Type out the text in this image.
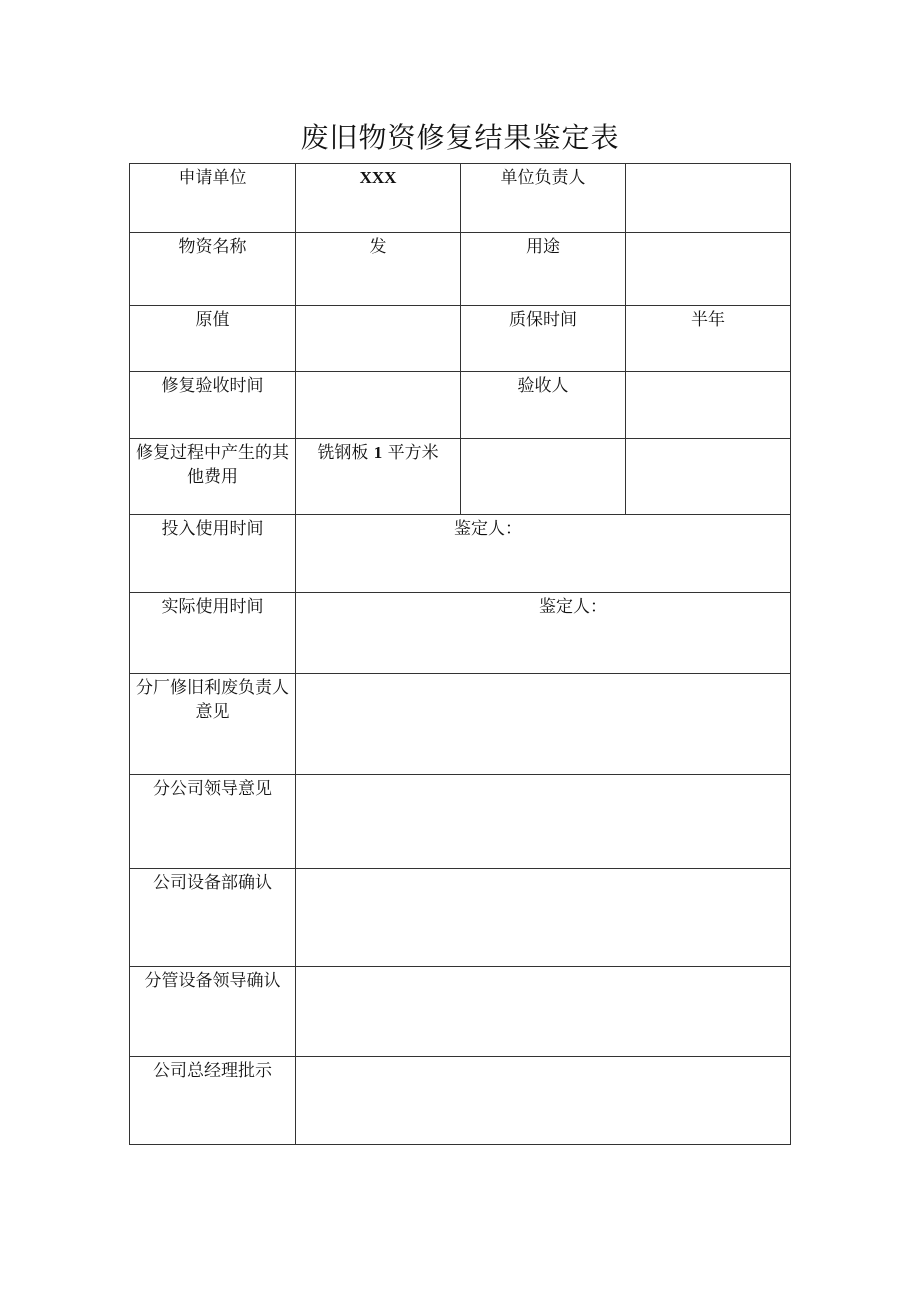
废旧物资修复结果鉴定表
申请单位	XXX	单位负责人	

物资名称	发	用途	

原值		质保时间	半年

修复验收时间		验收人	

修复过程中产生的其他费用	铣钢板 1 平方米		

投入使用时间	鉴定人：		

实际使用时间	鉴定人：		

分厂修旧利废负责人意见			

分公司领导意见			

公司设备部确认			

分管设备领导确认			

公司总经理批示			
